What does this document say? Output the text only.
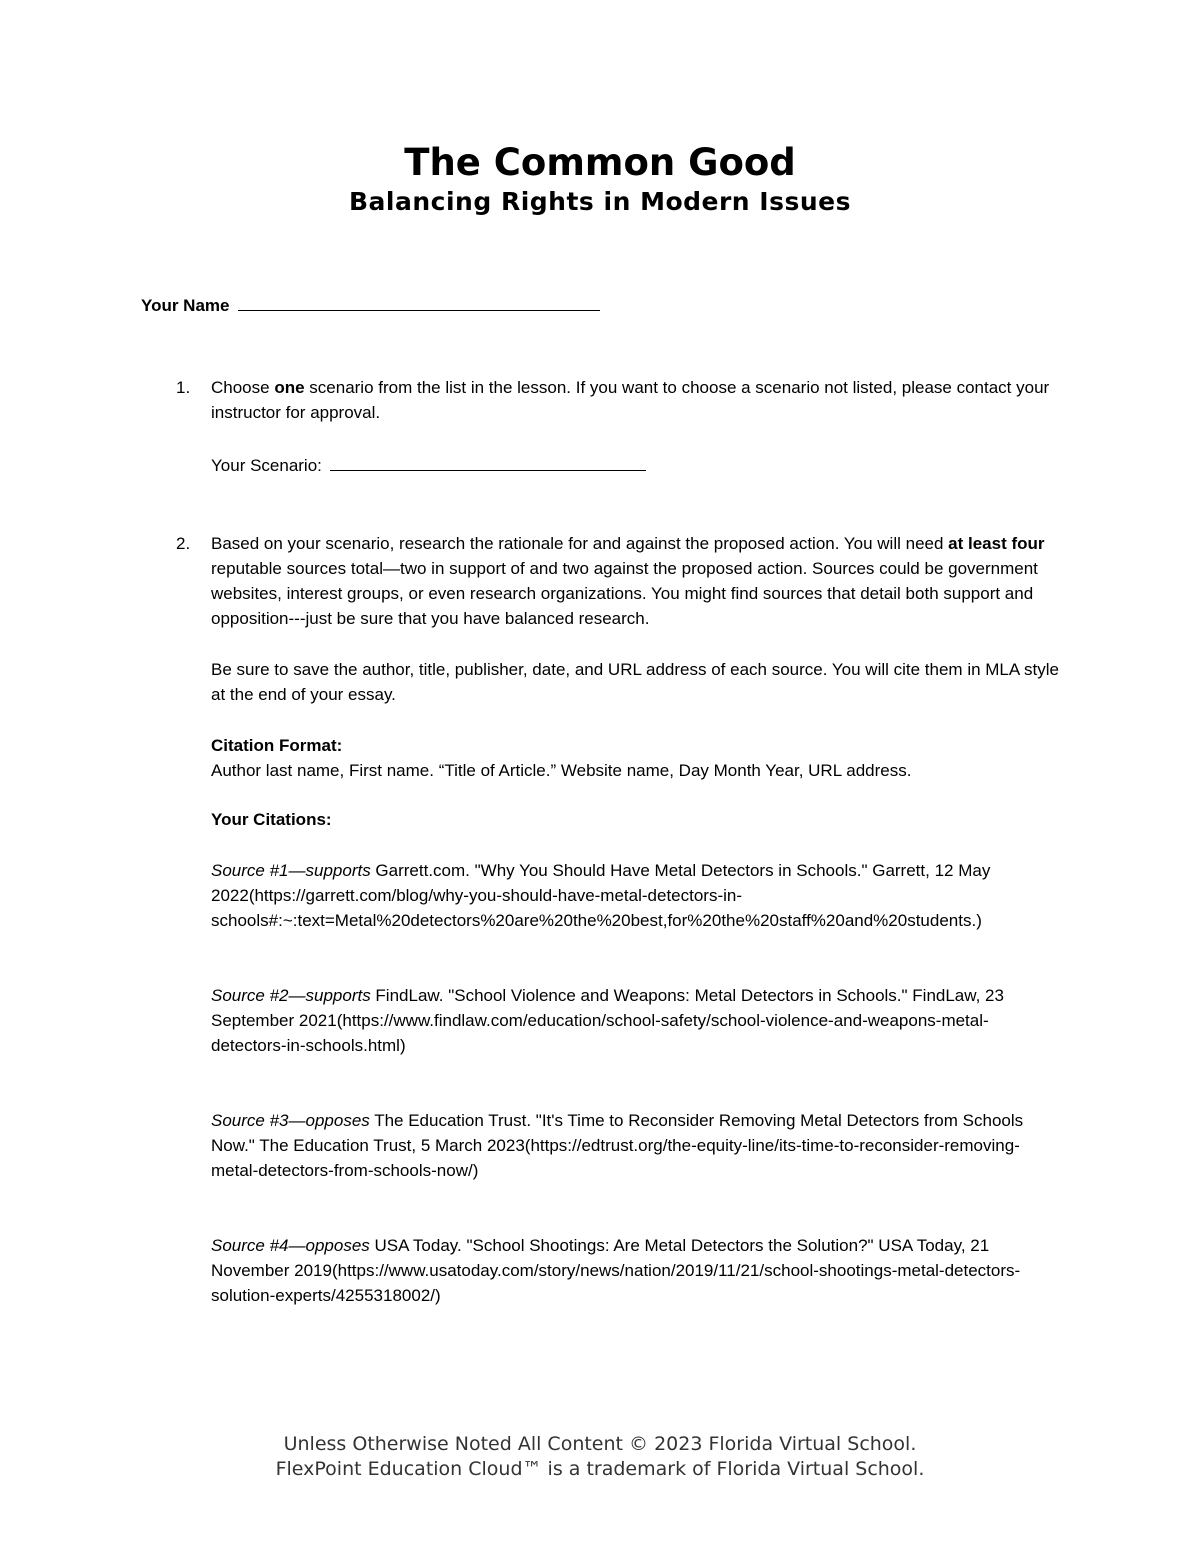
The Common Good

Balancing Rights in Modern Issues

Your Name
1. Choose one scenario from the list in the lesson. If you want to choose a scenario not listed, please contact your instructor for approval.

Your Scenario:

2. Based on your scenario, research the rationale for and against the proposed action. You will need at least four reputable sources total—two in support of and two against the proposed action. Sources could be government websites, interest groups, or even research organizations. You might find sources that detail both support and opposition---just be sure that you have balanced research.

Be sure to save the author, title, publisher, date, and URL address of each source. You will cite them in MLA style at the end of your essay.

Citation Format:

Author last name, First name. “Title of Article.” Website name, Day Month Year, URL address.

Your Citations:

Source #1—supports Garrett.com. "Why You Should Have Metal Detectors in Schools." Garrett, 12 May 2022(https://garrett.com/blog/why-you-should-have-metal-detectors-in-schools#:~:text=Metal%20detectors%20are%20the%20best,for%20the%20staff%20and%20students.)

Source #2—supports FindLaw. "School Violence and Weapons: Metal Detectors in Schools." FindLaw, 23 September 2021(https://www.findlaw.com/education/school-safety/school-violence-and-weapons-metal-detectors-in-schools.html)

Source #3—opposes The Education Trust. "It's Time to Reconsider Removing Metal Detectors from Schools Now." The Education Trust, 5 March 2023(https://edtrust.org/the-equity-line/its-time-to-reconsider-removing-metal-detectors-from-schools-now/)

Source #4—opposes USA Today. "School Shootings: Are Metal Detectors the Solution?" USA Today, 21 November 2019(https://www.usatoday.com/story/news/nation/2019/11/21/school-shootings-metal-detectors-solution-experts/4255318002/)

Unless Otherwise Noted All Content © 2023 Florida Virtual School.

FlexPoint Education Cloud™ is a trademark of Florida Virtual School.
